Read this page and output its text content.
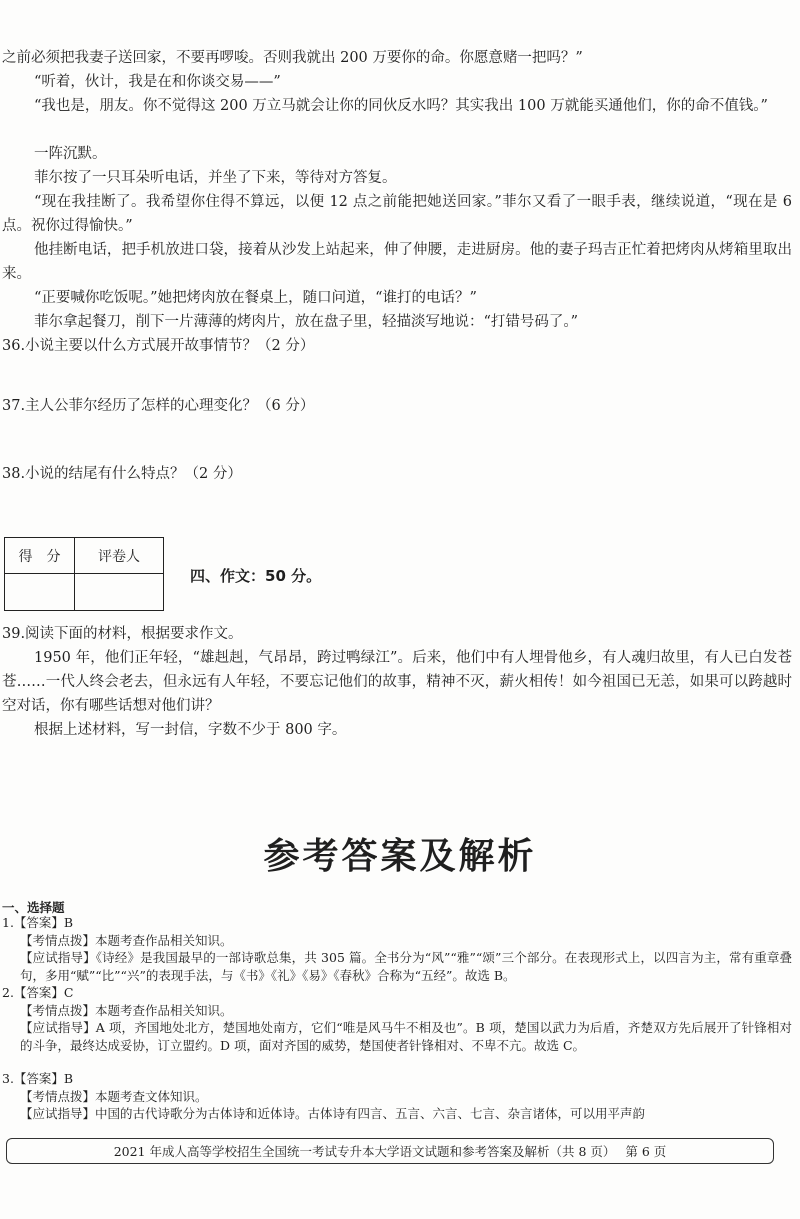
之前必须把我妻子送回家，不要再啰唆。否则我就出 200 万要你的命。你愿意赌一把吗？”
“听着，伙计，我是在和你谈交易——”
“我也是，朋友。你不觉得这 200 万立马就会让你的同伙反水吗？其实我出 100 万就能买通他们，你的命不值钱。”
一阵沉默。
菲尔按了一只耳朵听电话，并坐了下来，等待对方答复。
“现在我挂断了。我希望你住得不算远，以便 12 点之前能把她送回家。”菲尔又看了一眼手表，继续说道，“现在是 6 点。祝你过得愉快。”
他挂断电话，把手机放进口袋，接着从沙发上站起来，伸了伸腰，走进厨房。他的妻子玛吉正忙着把烤肉从烤箱里取出来。
“正要喊你吃饭呢。”她把烤肉放在餐桌上，随口问道，“谁打的电话？”
菲尔拿起餐刀，削下一片薄薄的烤肉片，放在盘子里，轻描淡写地说：“打错号码了。”
36.小说主要以什么方式展开故事情节？（2 分）
37.主人公菲尔经历了怎样的心理变化？（6 分）
38.小说的结尾有什么特点？（2 分）
得　分	评卷人
四、作文：50 分。
39.阅读下面的材料，根据要求作文。
1950 年，他们正年轻，“雄赳赳，气昂昂，跨过鸭绿江”。后来，他们中有人埋骨他乡，有人魂归故里，有人已白发苍苍……一代人终会老去，但永远有人年轻，不要忘记他们的故事，精神不灭，薪火相传！如今祖国已无恙，如果可以跨越时空对话，你有哪些话想对他们讲？
根据上述材料，写一封信，字数不少于 800 字。
参考答案及解析
一、选择题
1.【答案】B
【考情点拨】本题考查作品相关知识。
【应试指导】《诗经》是我国最早的一部诗歌总集，共 305 篇。全书分为“风”“雅”“颂”三个部分。在表现形式上，以四言为主，常有重章叠句，多用“赋”“比”“兴”的表现手法，与《书》《礼》《易》《春秋》合称为“五经”。故选 B。
2.【答案】C
【考情点拨】本题考查作品相关知识。
【应试指导】A 项，齐国地处北方，楚国地处南方，它们“唯是风马牛不相及也”。B 项，楚国以武力为后盾，齐楚双方先后展开了针锋相对的斗争，最终达成妥协，订立盟约。D 项，面对齐国的威势，楚国使者针锋相对、不卑不亢。故选 C。
3.【答案】B
【考情点拨】本题考查文体知识。
【应试指导】中国的古代诗歌分为古体诗和近体诗。古体诗有四言、五言、六言、七言、杂言诸体，可以用平声韵
2021 年成人高等学校招生全国统一考试专升本大学语文试题和参考答案及解析（共 8 页） 第 6 页
